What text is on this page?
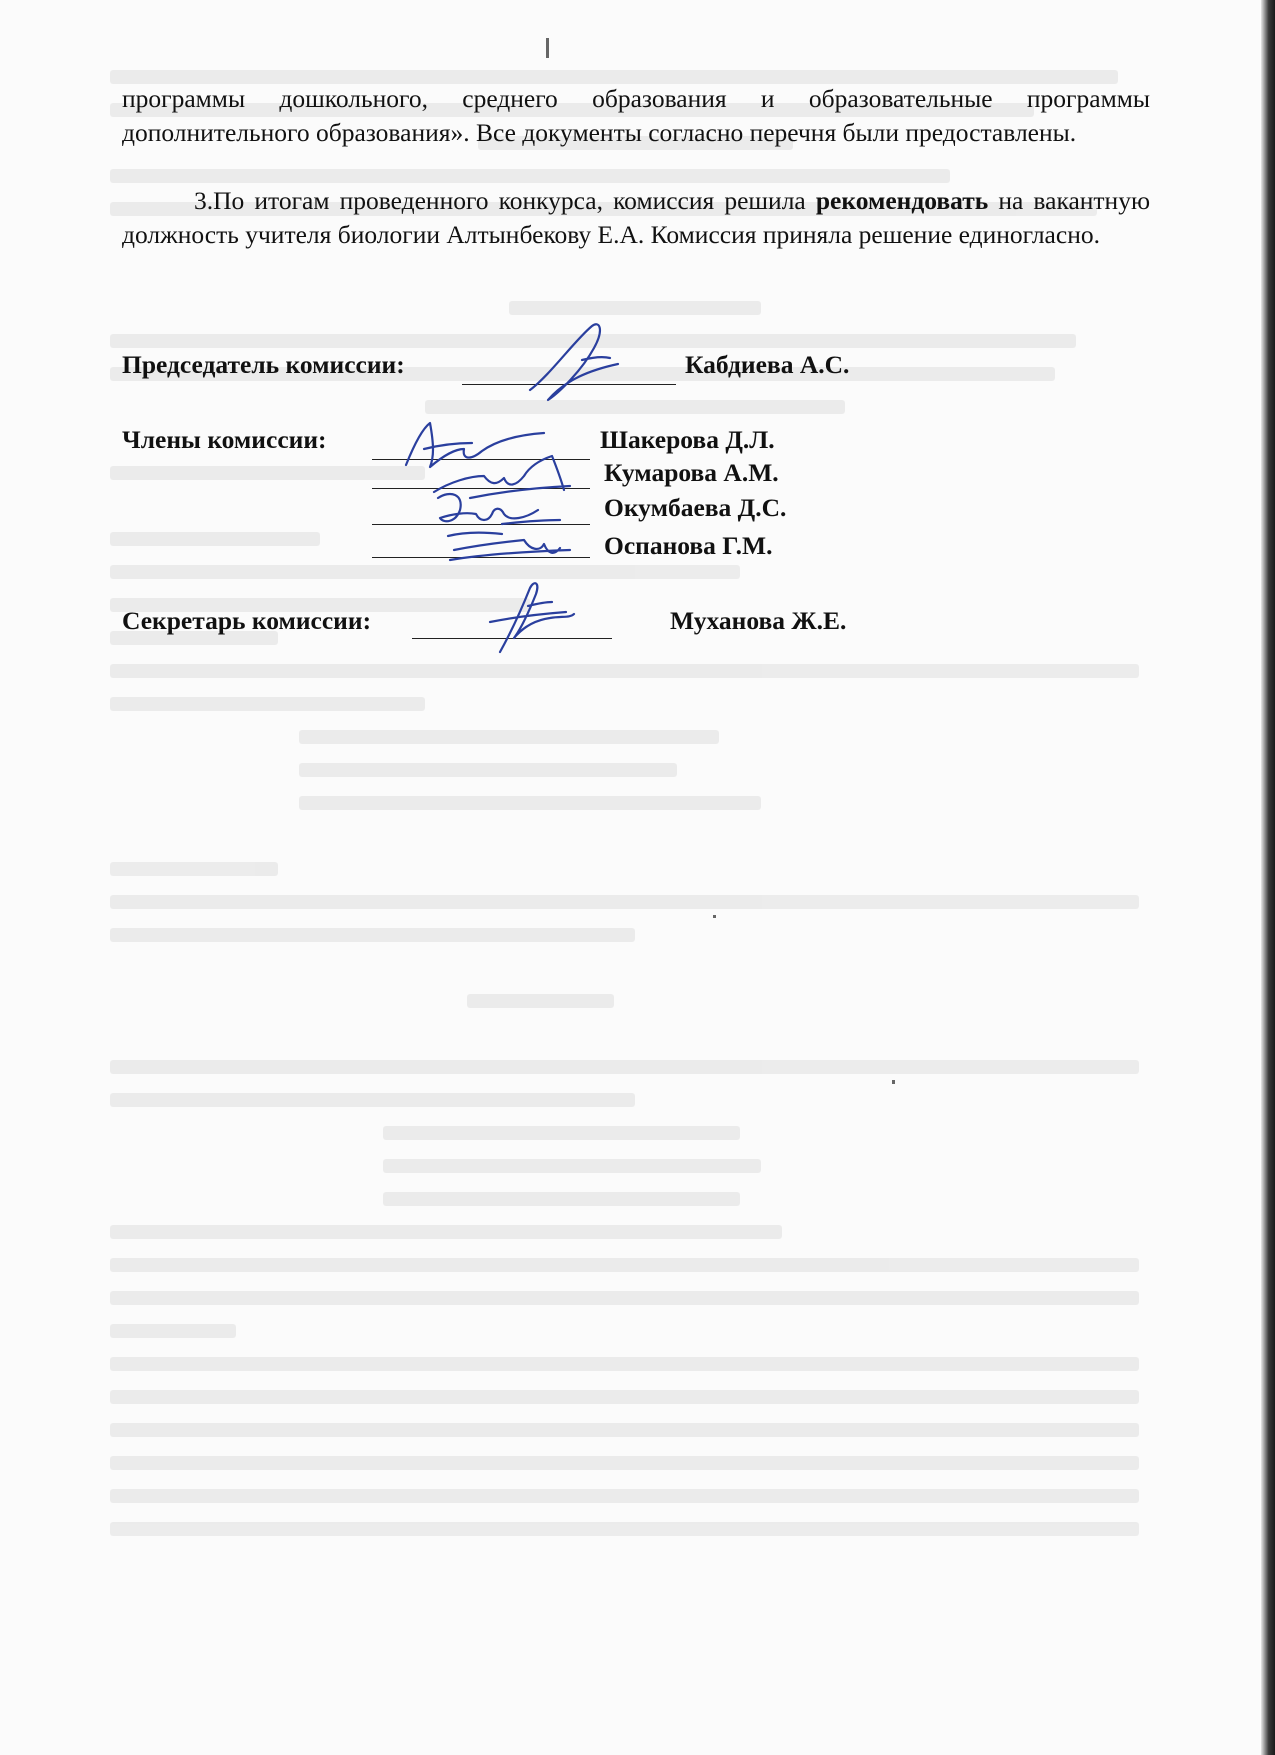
программы дошкольного, среднего образования и образовательные программы дополнительного образования». Все документы согласно перечня были предоставлены.
3.По итогам проведенного конкурса, комиссия решила рекомендовать на вакантную должность учителя биологии Алтынбекову Е.А. Комиссия приняла решение единогласно.
Председатель комиссии:	Кабдиева А.С.
Члены комиссии:	Шакерова Д.Л.
Кумарова А.М.
Окумбаева Д.С.
Оспанова Г.М.
Секретарь комиссии:	Муханова Ж.Е.
